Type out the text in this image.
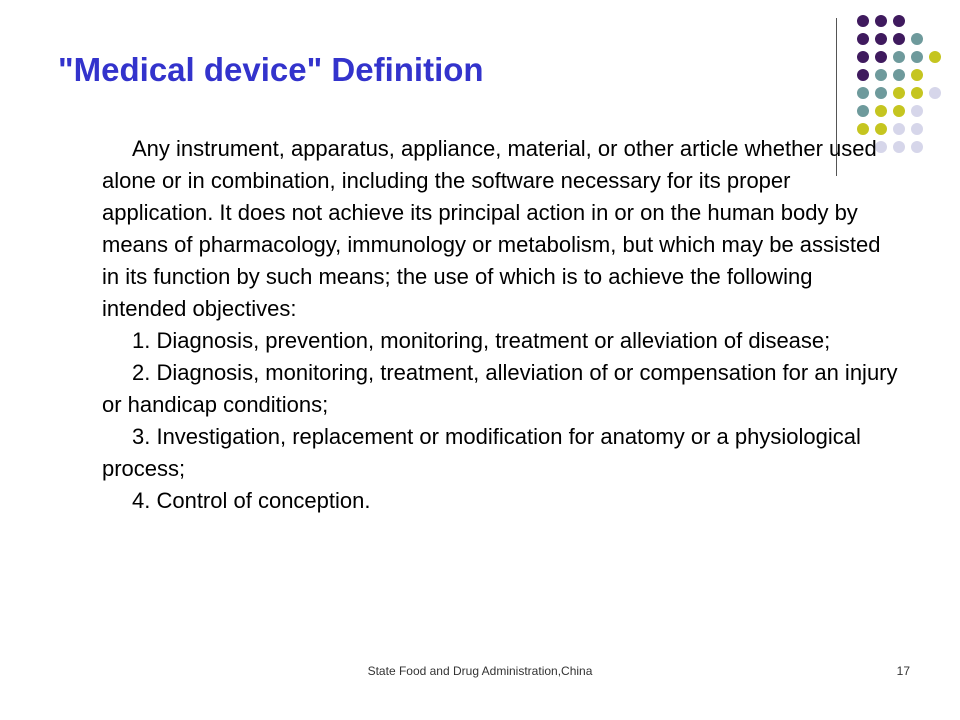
"Medical device" Definition

Any instrument, apparatus, appliance, material, or other article whether used alone or in combination, including the software necessary for its proper application. It does not achieve its principal action in or on the human body by means of pharmacology, immunology or metabolism, but which may be assisted in its function by such means; the use of which is to achieve the following intended objectives:

1. Diagnosis, prevention, monitoring, treatment or alleviation of disease;

2. Diagnosis, monitoring, treatment, alleviation of or compensation for an injury or handicap conditions;

3. Investigation, replacement or modification for anatomy or a physiological process;

4. Control of conception.

State Food and Drug Administration,China	17
